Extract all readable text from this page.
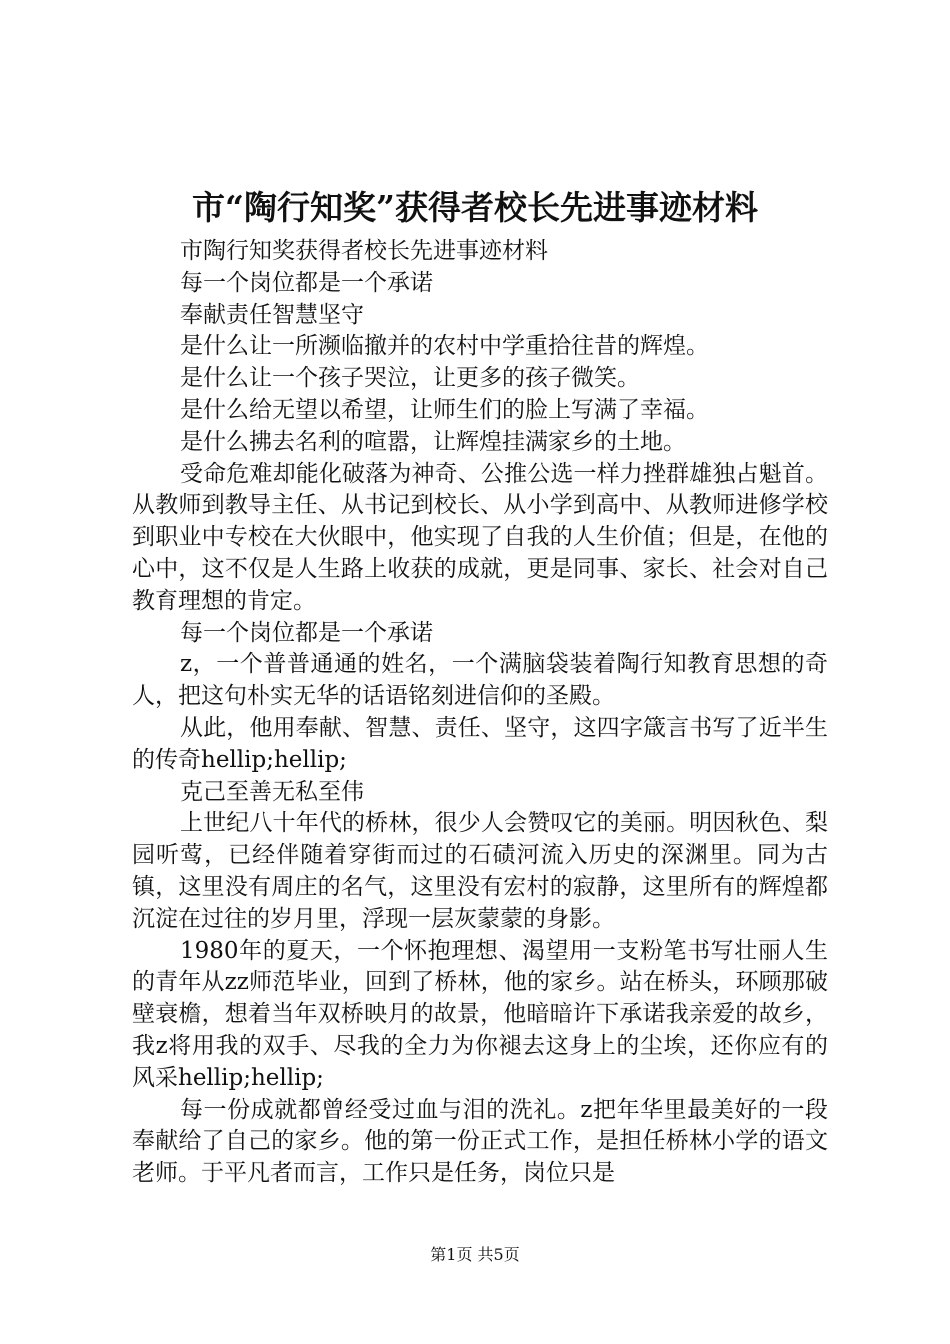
市“陶行知奖”获得者校长先进事迹材料

市陶行知奖获得者校长先进事迹材料

每一个岗位都是一个承诺

奉献责任智慧坚守

是什么让一所濒临撤并的农村中学重拾往昔的辉煌。

是什么让一个孩子哭泣，让更多的孩子微笑。

是什么给无望以希望，让师生们的脸上写满了幸福。

是什么拂去名利的喧嚣，让辉煌挂满家乡的土地。

受命危难却能化破落为神奇、公推公选一样力挫群雄独占魁首。从教师到教导主任、从书记到校长、从小学到高中、从教师进修学校到职业中专校在大伙眼中，他实现了自我的人生价值；但是，在他的心中，这不仅是人生路上收获的成就，更是同事、家长、社会对自己教育理想的肯定。

每一个岗位都是一个承诺

z，一个普普通通的姓名，一个满脑袋装着陶行知教育思想的奇人，把这句朴实无华的话语铭刻进信仰的圣殿。

从此，他用奉献、智慧、责任、坚守，这四字箴言书写了近半生的传奇hellip;hellip;

克己至善无私至伟

上世纪八十年代的桥林，很少人会赞叹它的美丽。明因秋色、梨园听莺，已经伴随着穿街而过的石碛河流入历史的深渊里。同为古镇，这里没有周庄的名气，这里没有宏村的寂静，这里所有的辉煌都沉淀在过往的岁月里，浮现一层灰蒙蒙的身影。

1980年的夏天，一个怀抱理想、渴望用一支粉笔书写壮丽人生的青年从zz师范毕业，回到了桥林，他的家乡。站在桥头，环顾那破壁衰檐，想着当年双桥映月的故景，他暗暗许下承诺我亲爱的故乡，我z将用我的双手、尽我的全力为你褪去这身上的尘埃，还你应有的风采hellip;hellip;

每一份成就都曾经受过血与泪的洗礼。z把年华里最美好的一段奉献给了自己的家乡。他的第一份正式工作，是担任桥林小学的语文老师。于平凡者而言，工作只是任务，岗位只是

第1页 共5页
